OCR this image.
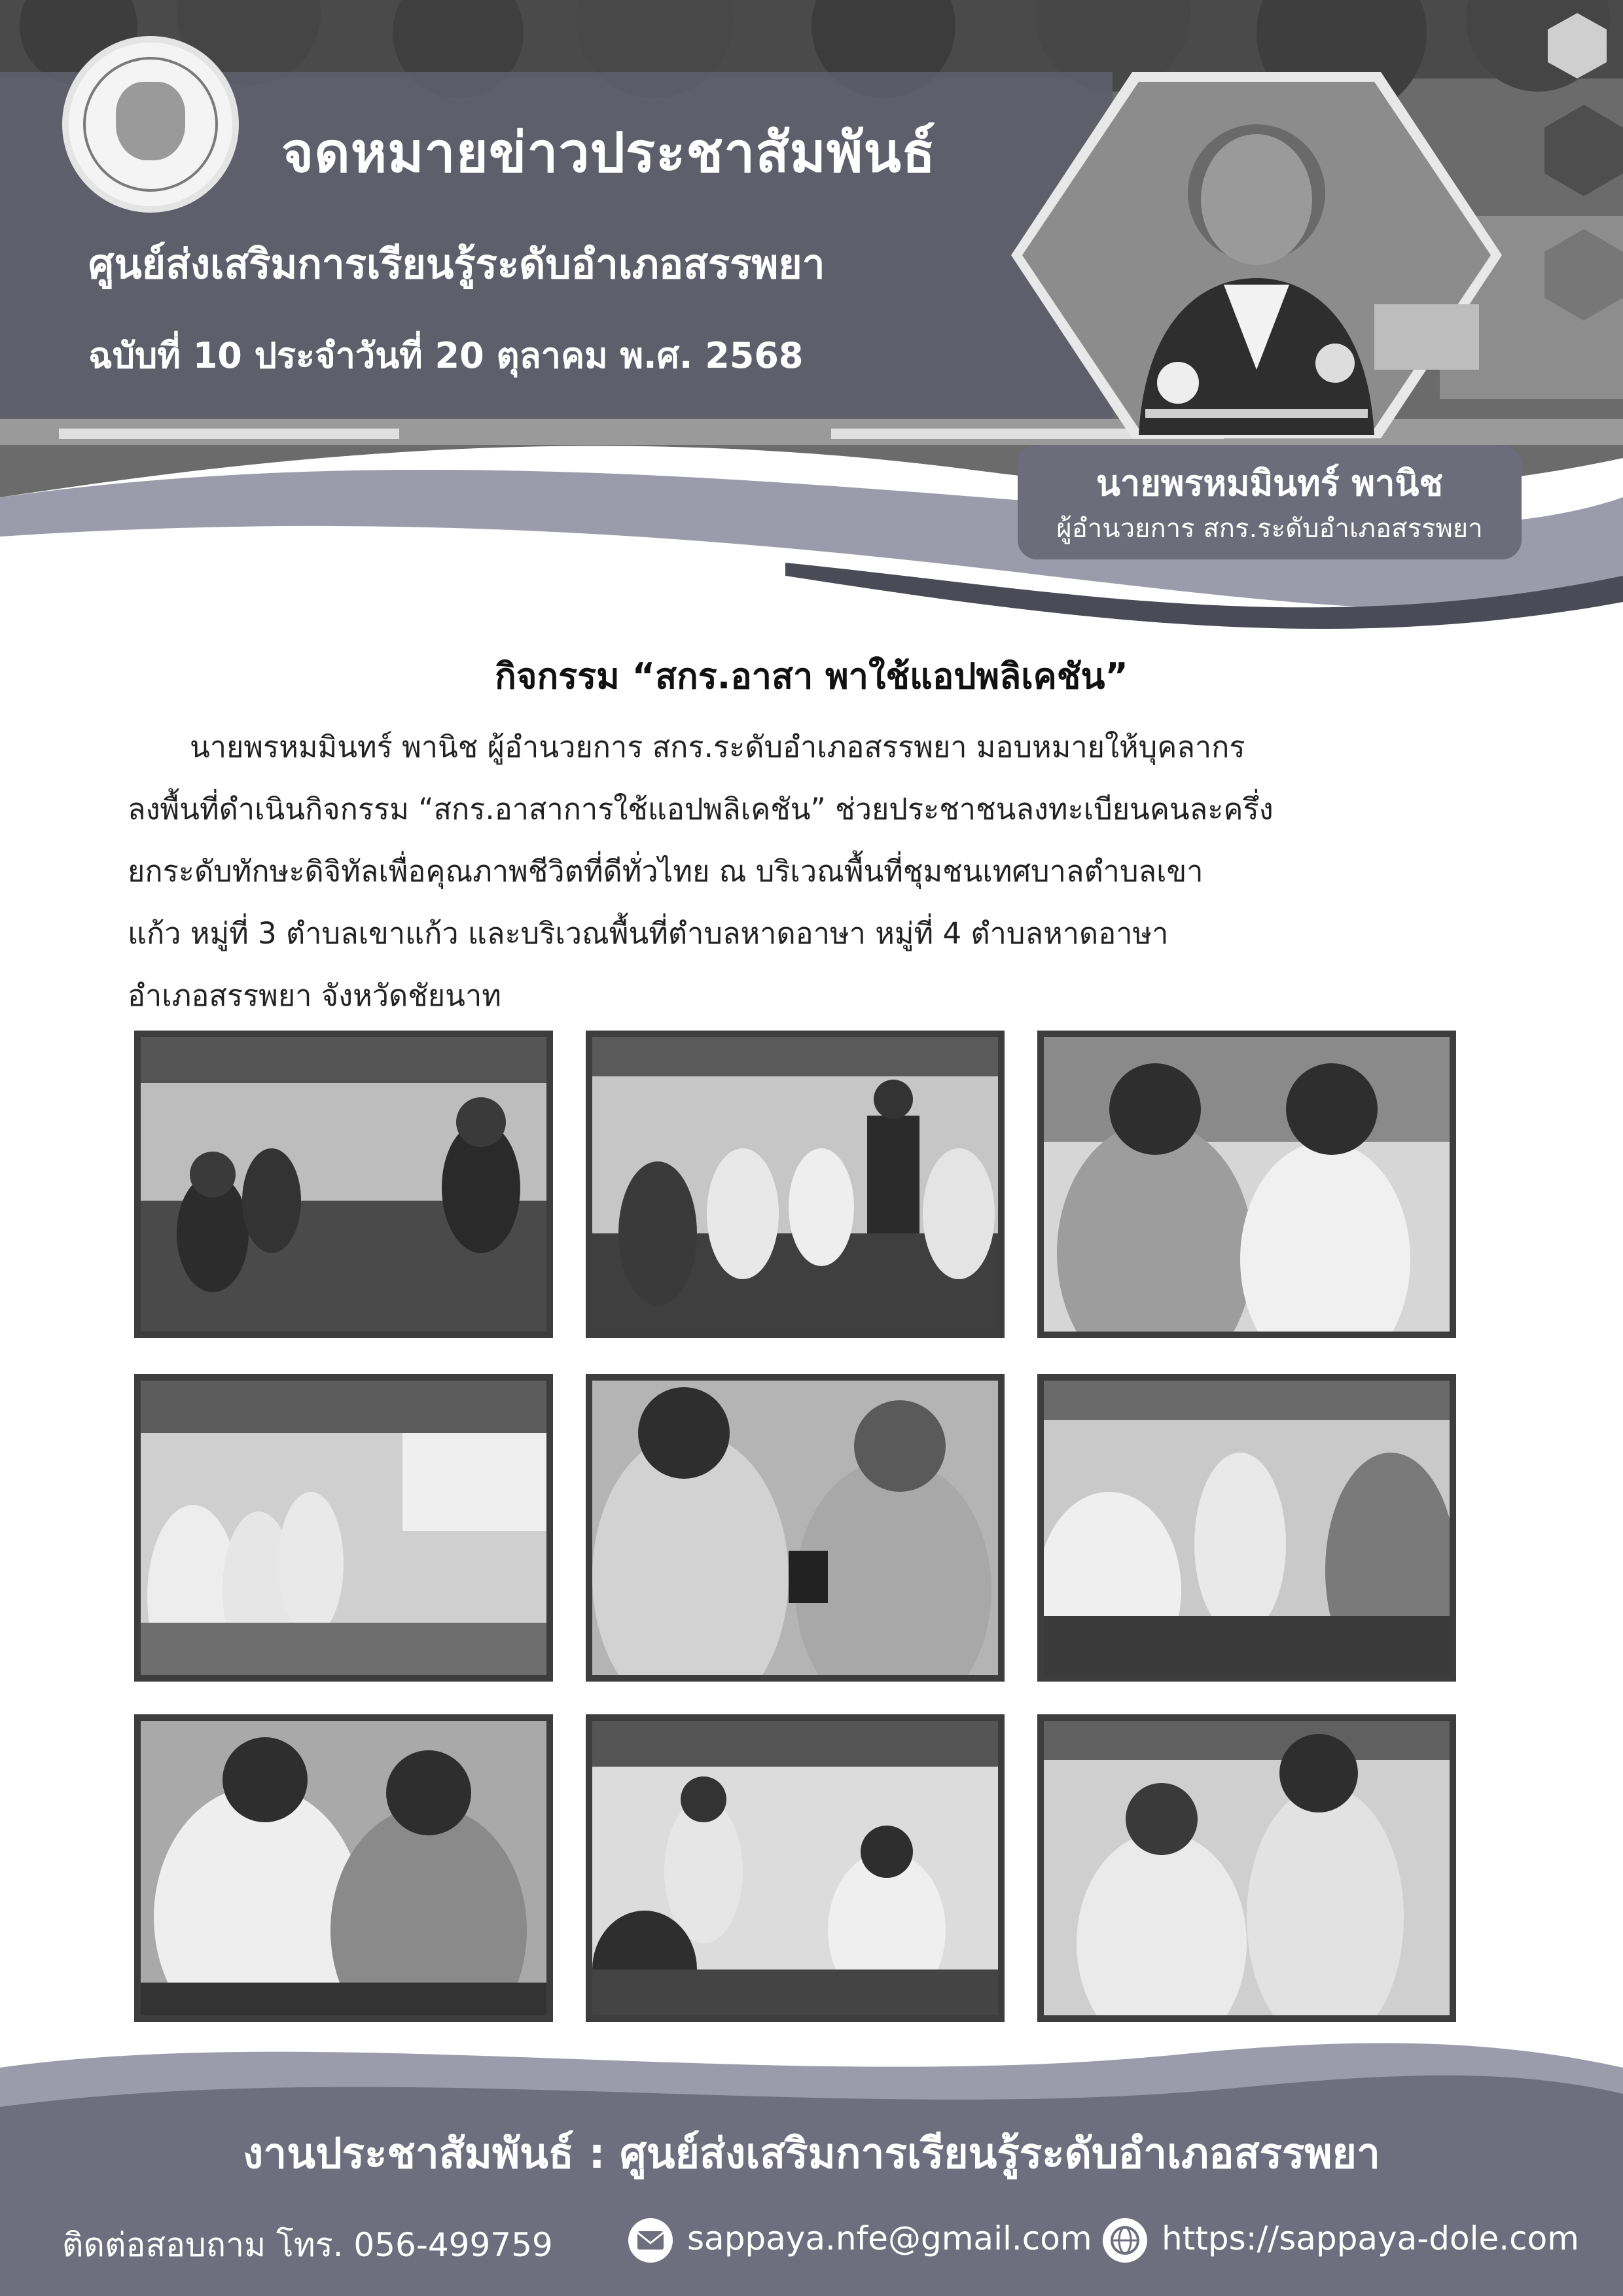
จดหมายข่าวประชาสัมพันธ์
ศูนย์ส่งเสริมการเรียนรู้ระดับอำเภอสรรพยา
ฉบับที่ 10 ประจำวันที่ 20 ตุลาคม พ.ศ. 2568
นายพรหมมินทร์ พานิช
ผู้อำนวยการ สกร.ระดับอำเภอสรรพยา
กิจกรรม “สกร.อาสา พาใช้แอปพลิเคชัน”
นายพรหมมินทร์ พานิช ผู้อำนวยการ สกร.ระดับอำเภอสรรพยา มอบหมายให้บุคลากร
ลงพื้นที่ดำเนินกิจกรรม “สกร.อาสาการใช้แอปพลิเคชัน” ช่วยประชาชนลงทะเบียนคนละครึ่ง
ยกระดับทักษะดิจิทัลเพื่อคุณภาพชีวิตที่ดีทั่วไทย ณ บริเวณพื้นที่ชุมชนเทศบาลตำบลเขา
แก้ว หมู่ที่ 3 ตำบลเขาแก้ว และบริเวณพื้นที่ตำบลหาดอาษา หมู่ที่ 4 ตำบลหาดอาษา
อำเภอสรรพยา จังหวัดชัยนาท
งานประชาสัมพันธ์ : ศูนย์ส่งเสริมการเรียนรู้ระดับอำเภอสรรพยา
ติดต่อสอบถาม โทร. 056-499759	sappaya.nfe@gmail.com https://sappaya-dole.com
